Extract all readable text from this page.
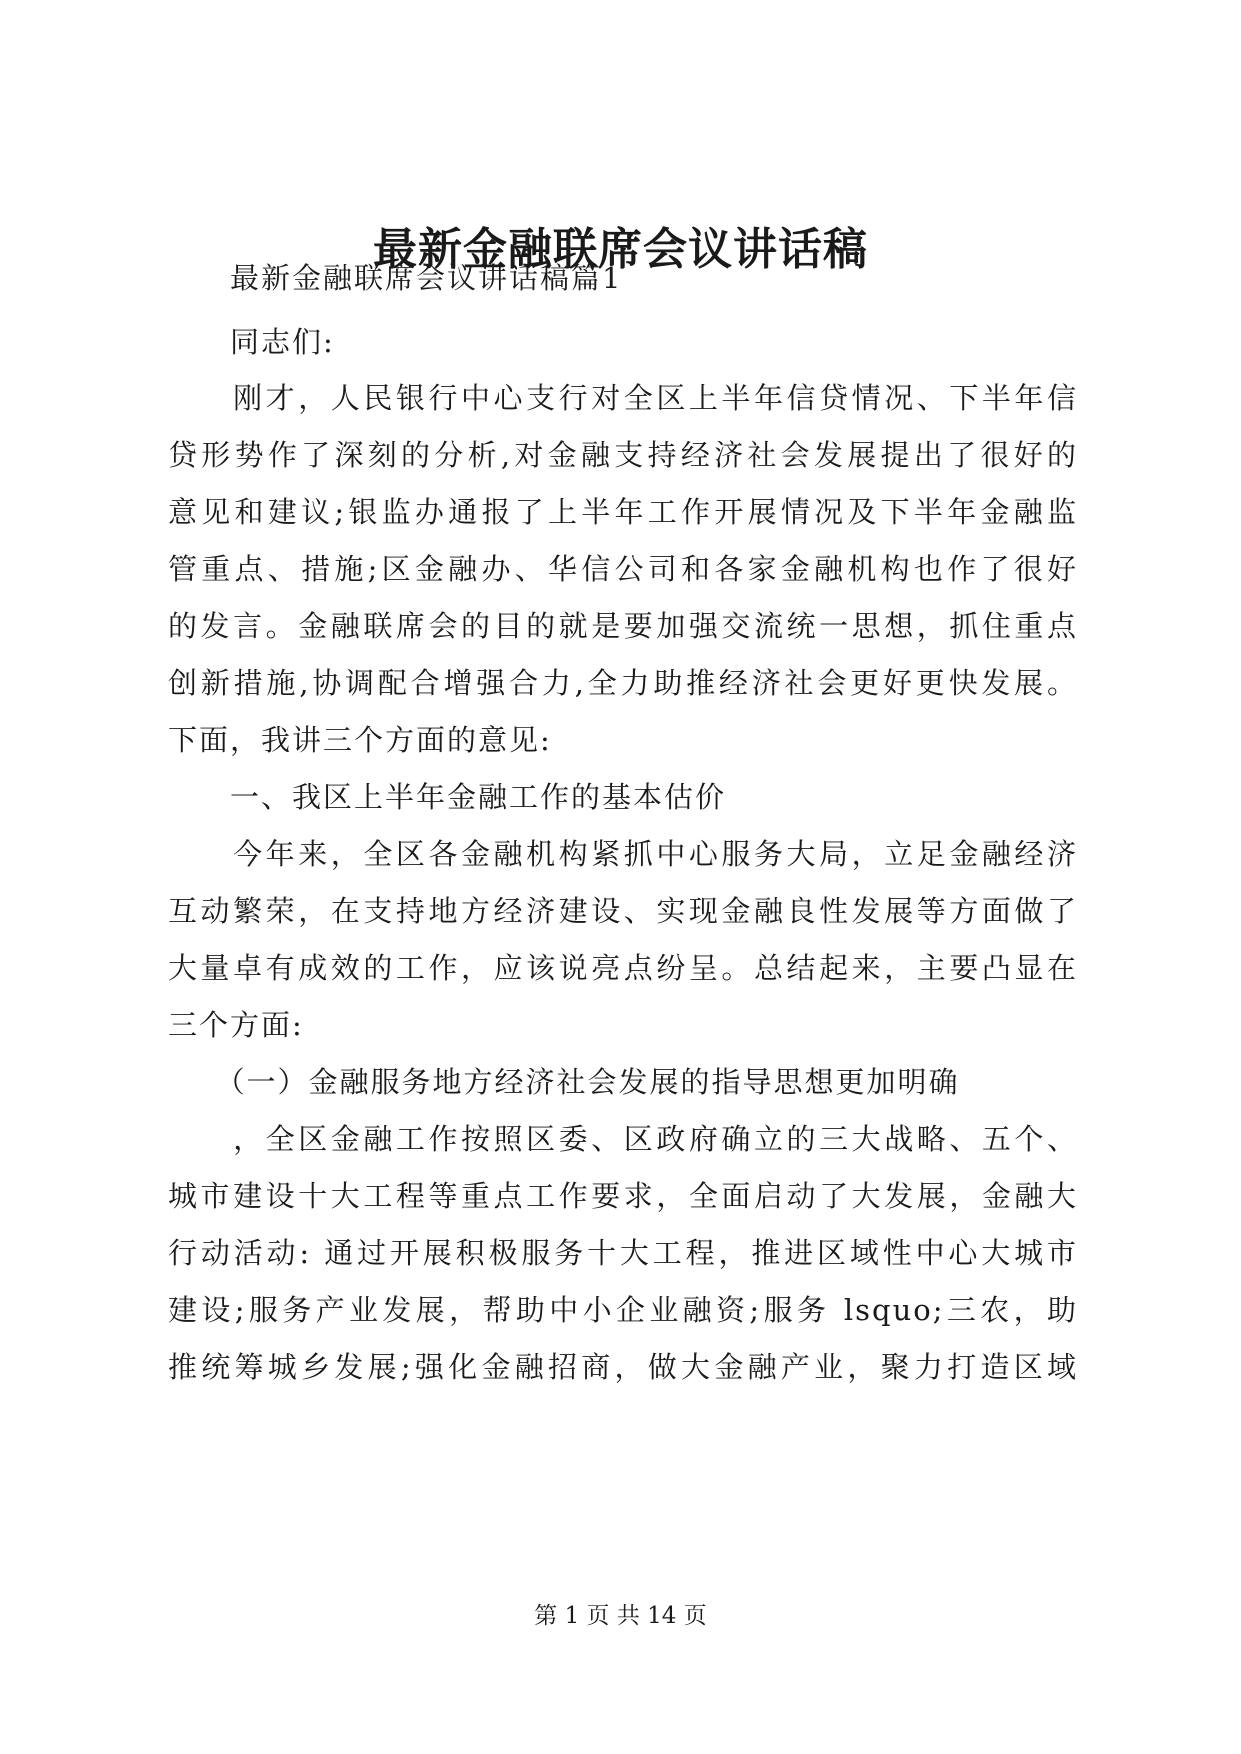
最新金融联席会议讲话稿
　　最新金融联席会议讲话稿篇1
　　同志们:
　　刚才，人民银行中心支行对全区上半年信贷情况、下半年信
贷形势作了深刻的分析,对金融支持经济社会发展提出了很好的
意见和建议;银监办通报了上半年工作开展情况及下半年金融监
管重点、措施;区金融办、华信公司和各家金融机构也作了很好
的发言。金融联席会的目的就是要加强交流统一思想，抓住重点
创新措施,协调配合增强合力,全力助推经济社会更好更快发展。
下面，我讲三个方面的意见:
　　一、我区上半年金融工作的基本估价
　　今年来，全区各金融机构紧抓中心服务大局，立足金融经济
互动繁荣，在支持地方经济建设、实现金融良性发展等方面做了
大量卓有成效的工作，应该说亮点纷呈。总结起来，主要凸显在
三个方面:
　　（一）金融服务地方经济社会发展的指导思想更加明确
　　，全区金融工作按照区委、区政府确立的三大战略、五个、
城市建设十大工程等重点工作要求，全面启动了大发展，金融大
行动活动: 通过开展积极服务十大工程，推进区域性中心大城市
建设;服务产业发展，帮助中小企业融资;服务 lsquo;三农，助
推统筹城乡发展;强化金融招商，做大金融产业，聚力打造区域
第 1 页 共 14 页
